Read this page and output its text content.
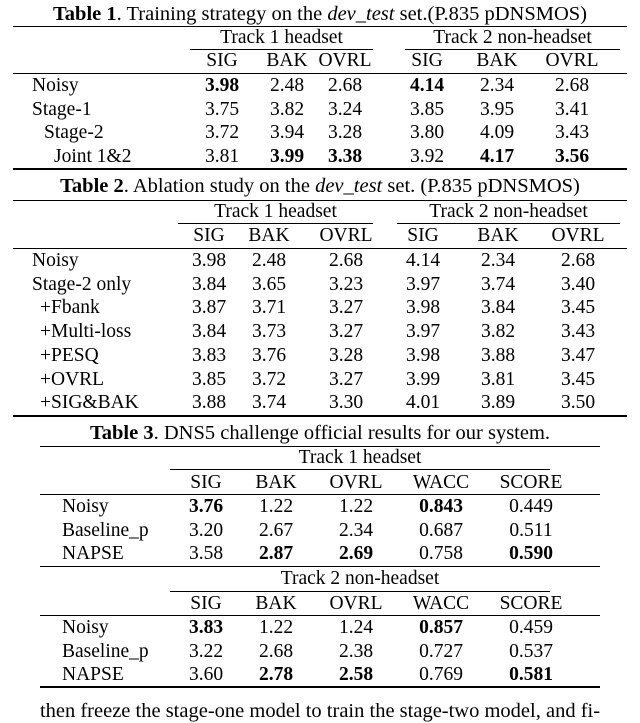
Table 1. Training strategy on the dev_test set.(P.835 pDNSMOS)
Track 1 headset	Track 2 non-headset
SIG	BAK OVRL	SIG	BAK	OVRL
Noisy	3.98	2.48	2.68	4.14	2.34	2.68
Stage-1	3.75	3.82	3.24	3.85	3.95	3.41
Stage-2	3.72	3.94	3.28	3.80	4.09	3.43
Joint 1&2	3.81	3.99	3.38	3.92	4.17	3.56
Table 2. Ablation study on the dev_test set. (P.835 pDNSMOS)
Track 1 headset	Track 2 non-headset
SIG	BAK	OVRL	SIG	BAK	OVRL
Noisy	3.98	2.48	2.68	4.14	2.34	2.68
Stage-2 only	3.84	3.65	3.23	3.97	3.74	3.40
+Fbank	3.87	3.71	3.27	3.98	3.84	3.45
+Multi-loss	3.84	3.73	3.27	3.97	3.82	3.43
+PESQ	3.83	3.76	3.28	3.98	3.88	3.47
+OVRL	3.85	3.72	3.27	3.99	3.81	3.45
+SIG&BAK	3.88	3.74	3.30	4.01	3.89	3.50
Table 3. DNS5 challenge official results for our system.
Track 1 headset
SIG	BAK	OVRL	WACC	SCORE
Noisy	3.76	1.22	1.22	0.843	0.449
Baseline_p	3.20	2.67	2.34	0.687	0.511
NAPSE	3.58	2.87	2.69	0.758	0.590
Track 2 non-headset
SIG	BAK	OVRL	WACC	SCORE
Noisy	3.83	1.22	1.24	0.857	0.459
Baseline_p	3.22	2.68	2.38	0.727	0.537
NAPSE	3.60	2.78	2.58	0.769	0.581
then freeze the stage-one model to train the stage-two model, and fi-
